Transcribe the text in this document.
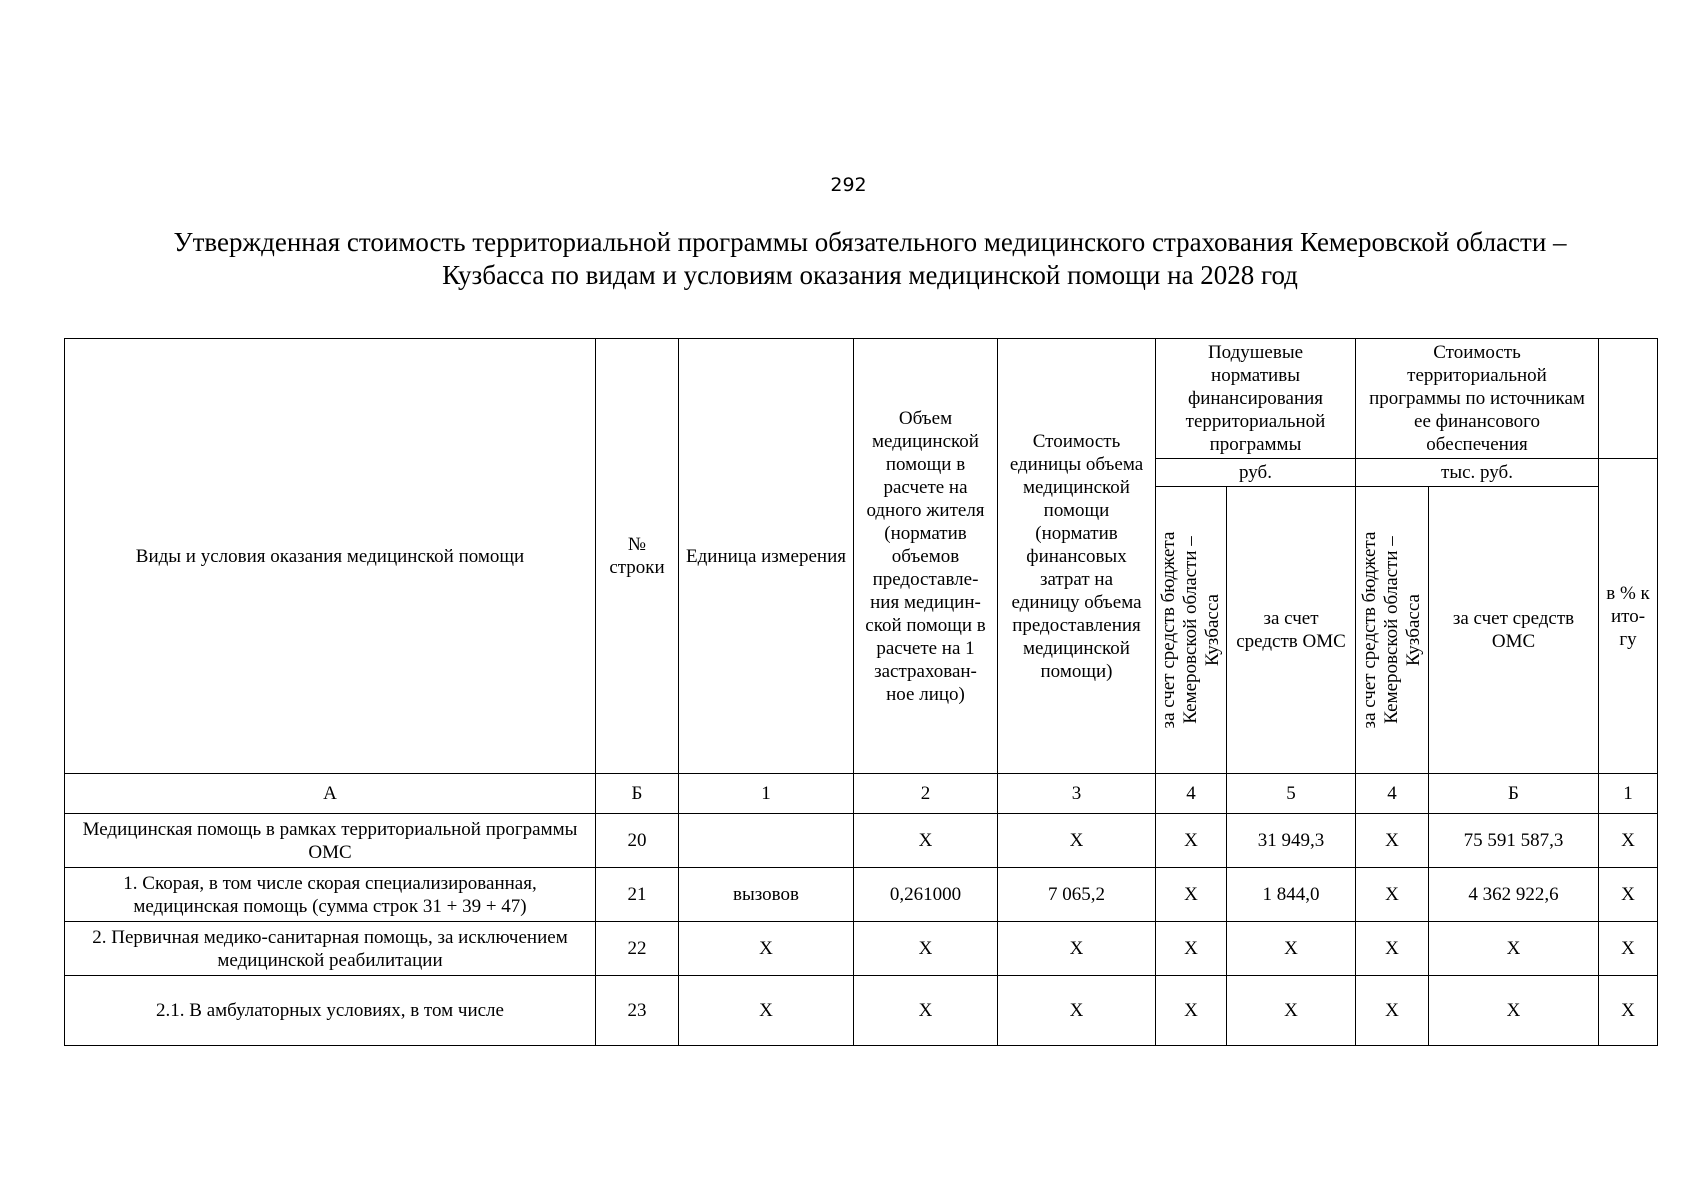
292
Утвержденная стоимость территориальной программы обязательного медицинского страхования Кемеровской области – Кузбасса по видам и условиям оказания медицинской помощи на 2028 год
Виды и условия оказания медицинской помощи	№ строки	Единица измерения	Объем медицинской помощи в расчете на одного жителя (норматив объемов предоставле-ния медицин-ской помощи в расчете на 1 застрахован-ное лицо)	Стоимость единицы объема медицинской помощи (норматив финансовых затрат на единицу объема предоставления медицинской помощи)	Подушевые нормативы финансирования территориальной программы		Стоимость территориальной программы по источникам ее финансового обеспечения		
					руб.		тыс. руб.		в % к ито-гу

					за счет средств бюджета Кемеровской области – Кузбасса	за счет средств ОМС	за счет средств бюджета Кемеровской области – Кузбасса	за счет средств ОМС	
А	Б	1	2	3	4	5	4	Б	1
Медицинская помощь в рамках территориальной программы ОМС	20		X	X	X	31 949,3	X	75 591 587,3	X
1. Скорая, в том числе скорая специализированная, медицинская помощь (сумма строк 31 + 39 + 47)	21	вызовов	0,261000	7 065,2	X	1 844,0	X	4 362 922,6	X
2. Первичная медико-санитарная помощь, за исключением медицинской реабилитации	22	X	X	X	X	X	X	X	X
2.1. В амбулаторных условиях, в том числе	23	X	X	X	X	X	X	X	X
